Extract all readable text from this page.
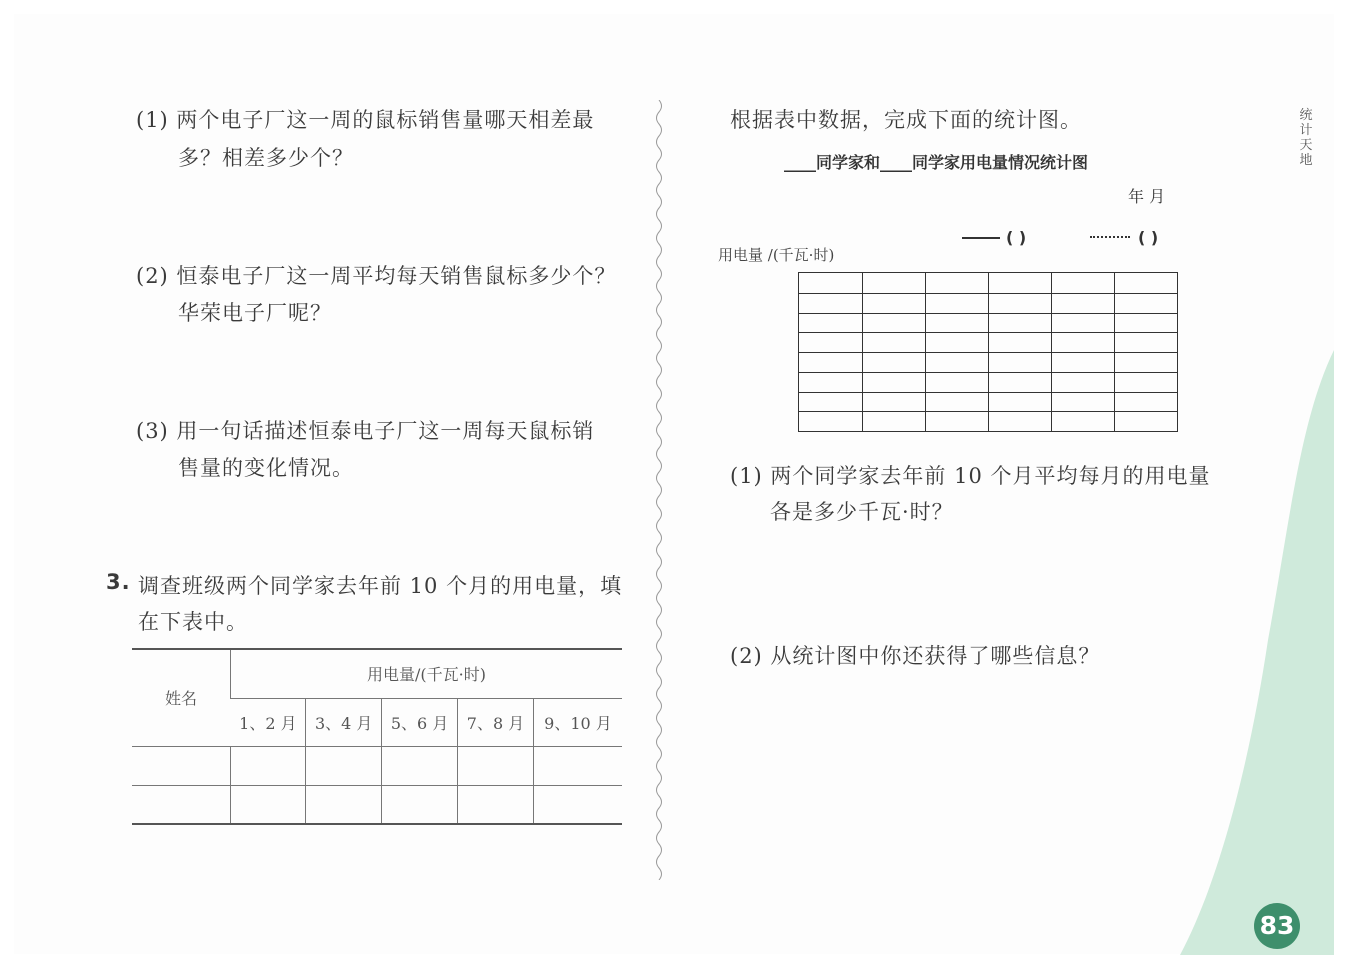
(1) 两个电子厂这一周的鼠标销售量哪天相差最
多？相差多少个？
(2) 恒泰电子厂这一周平均每天销售鼠标多少个？
华荣电子厂呢？
(3) 用一句话描述恒泰电子厂这一周每天鼠标销
售量的变化情况。
3. 调查班级两个同学家去年前 10 个月的用电量，填
在下表中。
姓名	用电量/(千瓦·时)				
	1、2 月	3、4 月	5、6 月	7、8 月	9、10 月

根据表中数据，完成下面的统计图。
____同学家和____同学家用电量情况统计图
年 月
( )	( )
用电量 /(千瓦·时)
(1) 两个同学家去年前 10 个月平均每月的用电量
各是多少千瓦·时？
(2) 从统计图中你还获得了哪些信息？
统
计
天
地
83
